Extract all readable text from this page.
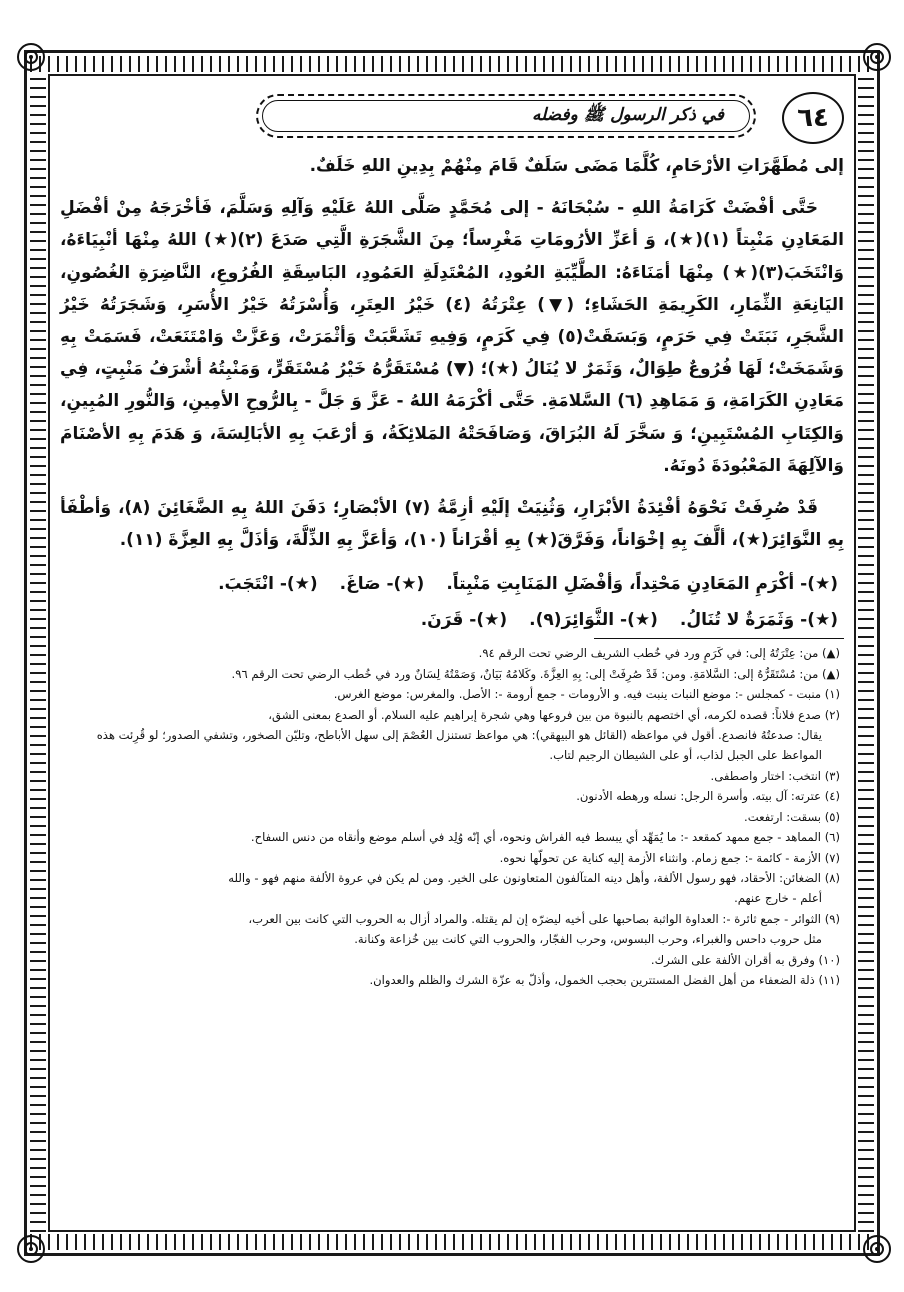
٦٤
في ذكر الرسول ﷺ وفضله

إلى مُطَهَّرَاتِ الأرْحَامِ، كُلَّمَا مَضَى سَلَفٌ قَامَ مِنْهُمْ بِدِينِ اللهِ خَلَفٌ.

حَتَّى أفْضَتْ كَرَامَةُ اللهِ - سُبْحَانَهُ - إلى مُحَمَّدٍ صَلَّى اللهُ عَلَيْهِ وَآلِهِ وَسَلَّمَ، فَأخْرَجَهُ مِنْ أفْضَلِ المَعَادِنِ مَنْبِتاً (١)(★)، وَ أعَزِّ الأرُومَاتِ مَغْرِساً؛ مِنَ الشَّجَرَةِ الَّتِي صَدَعَ (٢)(★) اللهُ مِنْهَا أنْبِيَاءَهُ، وَانْتَخَبَ(٣)(★) مِنْهَا أمَنَاءَهُ: الطَّيِّبَةِ العُودِ، المُعْتَدِلَةِ العَمُودِ، البَاسِقَةِ الفُرُوعِ، النَّاضِرَةِ الغُصُونِ، اليَانِعَةِ الثِّمَارِ، الكَرِيمَةِ الحَشَاءِ؛ (▼) عِتْرَتُهُ (٤) خَيْرُ العِتَرِ، وَأُسْرَتُهُ خَيْرُ الأُسَرِ، وَشَجَرَتُهُ خَيْرُ الشَّجَرِ، نَبَتَتْ فِي حَرَمٍ، وَبَسَقَتْ(٥) فِي كَرَمٍ، وَفِيهِ تَشَعَّبَتْ وَأثْمَرَتْ، وَعَزَّتْ وَامْتَنَعَتْ، فَسَمَتْ بِهِ وَشَمَخَتْ؛ لَهَا فُرُوعٌ طِوَالٌ، وَثَمَرٌ لا يُنَالُ (★)؛ (▼) مُسْتَقَرُّهُ خَيْرُ مُسْتَقَرٍّ، وَمَنْبِتُهُ أشْرَفُ مَنْبِتٍ، فِي مَعَادِنِ الكَرَامَةِ، وَ مَمَاهِدِ (٦) السَّلامَةِ. حَتَّى أكْرَمَهُ اللهُ - عَزَّ وَ جَلَّ - بِالرُّوحِ الأمِينِ، وَالنُّورِ المُبِينِ، وَالكِتَابِ المُسْتَبِينِ؛ وَ سَخَّرَ لَهُ البُرَاقَ، وَصَافَحَتْهُ المَلائِكَةُ، وَ أرْعَبَ بِهِ الأبَالِسَةَ، وَ هَدَمَ بِهِ الأصْنَامَ وَالآلِهَةَ المَعْبُودَةَ دُونَهُ.

قَدْ صُرِفَتْ نَحْوَهُ أفْئِدَةُ الأبْرَارِ، وَثُنِيَتْ إلَيْهِ أزِمَّةُ (٧) الأبْصَارِ؛ دَفَنَ اللهُ بِهِ الضَّغَائِنَ (٨)، وَأطْفَأ بِهِ النَّوَائِرَ(★)، ألَّفَ بِهِ إخْوَاناً، وَفَرَّقَ(★) بِهِ أقْرَاناً (١٠)، وَأعَزَّ بِهِ الذِّلَّةَ، وَأذَلَّ بِهِ العِزَّةَ (١١).

(★)- أكْرَمِ المَعَادِنِ مَحْتِداً، وَأفْضَلِ المَنَابِتِ مَنْبِتاً.
(★)- صَاغَ.
(★)- انْتَجَبَ.
(★)- وَثَمَرَةٌ لا تُنَالُ.
(★)- الثَّوَائِرَ(٩).
(★)- قَرَنَ.

(▲) من: عِتْرَتُهُ إلى: في كَرَمٍ ورد في خُطب الشريف الرضي تحت الرقم ٩٤.

(▲) من: مُسْتَقَرُّهُ إلى: السَّلامَةِ. ومن: قَدْ صُرِفَتْ إلى: بِهِ العِزَّةَ. وكَلامُهُ بَيَانٌ، وَصَمْتُهُ لِسَانٌ ورد في خُطب الرضي تحت الرقم ٩٦.

(١) منبت - كمجلس -: موضع النبات ينبت فيه. و الأرومات - جمع أرومة -: الأصل. والمغرس: موضع الغرس.

(٢) صدع فلاناً: قصده لكرمه، أي اختصهم بالنبوة من بين فروعها وهي شجرة إبراهيم عليه السلام. أو الصدع بمعنى الشق،
يقال: صدعتُهُ فانصدع. أقول في مواعظه (القائل هو البيهقي): هي مواعظ تستنزل العُصْمَ إلى سهل الأباطح، وتليّن الصخور، وتشفي الصدور؛ لو قُرِئت هذه المواعظ على الجبل لذاب، أو على الشيطان الرجيم لتاب.

(٣) انتخب: اختار واصطفى.

(٤) عترته: آل بيته. وأسرة الرجل: نسله ورهطه الأدنون.

(٥) بسقت: ارتفعت.

(٦) المماهد - جمع ممهد كمقعد -: ما يُمَهِّد أي يبسط فيه الفراش ونحوه، أي إنّه وُلِد في أسلم موضع وأنقاه من دنس السفاح.

(٧) الأزمة - كائمة -: جمع زمام. وانثناء الأزمة إليه كناية عن تحولّها نحوه.

(٨) الضغائن: الأحقاد، فهو رسول الألفة، وأهل دينه المتآلفون المتعاونون على الخير. ومن لم يكن في عروة الألفة منهم فهو - والله
أعلم - خارج عنهم.

(٩) الثوائر - جمع ثائرة -: العداوة الواثبة بصاحبها على أخيه ليضرّه إن لم يقتله. والمراد أزال به الحروب التي كانت بين العرب،
مثل حروب داحس والغبراء، وحرب البسوس، وحرب الفجّار، والحروب التي كانت بين خُزاعة وكنانة.

(١٠) وفرق به أقران الألفة على الشرك.

(١١) ذلة الضعفاء من أهل الفضل المستترين بحجب الخمول، وأذلّ به عزّة الشرك والظلم والعدوان.
